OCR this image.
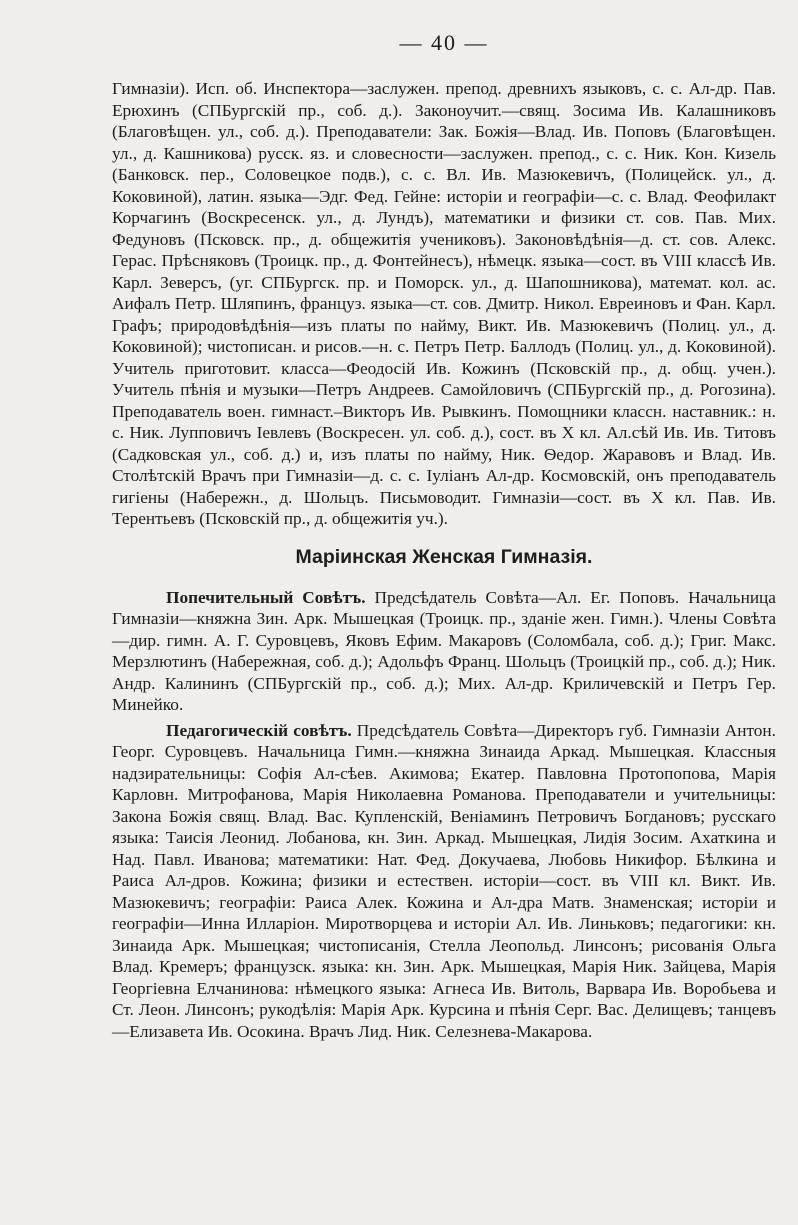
— 40 —

Гимназіи). Исп. об. Инспектора—заслужен. препод. древнихъ языковъ, с. с. Ал-др. Пав. Ерюхинъ (СПБургскій пр., соб. д.). Законоучит.—свящ. Зосима Ив. Калашниковъ (Благовѣщен. ул., соб. д.). Преподаватели: Зак. Божія—Влад. Ив. Поповъ (Благовѣщен. ул., д. Кашникова) русск. яз. и словесности—заслужен. препод., с. с. Ник. Кон. Кизель (Банковск. пер., Соловецкое подв.), с. с. Вл. Ив. Мазюкевичъ, (Полицейск. ул., д. Коковиной), латин. языка—Эдг. Фед. Гейне: исторіи и географіи—с. с. Влад. Феофилакт Корчагинъ (Воскресенск. ул., д. Лундъ), математики и физики ст. сов. Пав. Мих. Федуновъ (Псковск. пр., д. общежитія учениковъ). Законовѣдѣнія—д. ст. сов. Алекс. Герас. Прѣсняковъ (Троицк. пр., д. Фонтейнесъ), нѣмецк. языка—сост. въ VIII классѣ Ив. Карл. Зеверсъ, (уг. СПБургск. пр. и Поморск. ул., д. Шапошникова), математ. кол. ас. Аифалъ Петр. Шляпинъ, француз. языка—ст. сов. Дмитр. Никол. Евреиновъ и Фан. Карл. Графъ; природовѣдѣнія—изъ платы по найму, Викт. Ив. Мазюкевичъ (Полиц. ул., д. Коковиной); чистописан. и рисов.—н. с. Петръ Петр. Баллодъ (Полиц. ул., д. Коковиной). Учитель приготовит. класса—Феодосій Ив. Кожинъ (Псковскій пр., д. общ. учен.). Учитель пѣнія и музыки—Петръ Андреев. Самойловичъ (СПБургскій пр., д. Рогозина). Преподаватель воен. гимнаст.–Викторъ Ив. Рывкинъ. Помощники классн. наставник.: н. с. Ник. Лупповичъ Іевлевъ (Воскресен. ул. соб. д.), сост. въ X кл. Ал.сѣй Ив. Ив. Титовъ (Садковская ул., соб. д.) и, изъ платы по найму, Ник. Ѳедор. Жаравовъ и Влад. Ив. Столѣтскій Врачъ при Гимназіи—д. с. с. Іуліанъ Ал-др. Космовскій, онъ преподаватель гигіены (Набережн., д. Шольцъ. Письмоводит. Гимназіи—сост. въ X кл. Пав. Ив. Терентьевъ (Псковскій пр., д. общежитія уч.).

Маріинская Женская Гимназія.

Попечительный Совѣтъ. Предсѣдатель Совѣта—Ал. Ег. Поповъ. Начальница Гимназіи—княжна Зин. Арк. Мышецкая (Троицк. пр., зданіе жен. Гимн.). Члены Совѣта—дир. гимн. А. Г. Суровцевъ, Яковъ Ефим. Макаровъ (Соломбала, соб. д.); Григ. Макс. Мерзлютинъ (Набережная, соб. д.); Адольфъ Франц. Шольцъ (Троицкій пр., соб. д.); Ник. Андр. Калининъ (СПБургскій пр., соб. д.); Мих. Ал-др. Криличевскій и Петръ Гер. Минейко.

Педагогическій совѣтъ. Предсѣдатель Совѣта—Директоръ губ. Гимназіи Антон. Георг. Суровцевъ. Начальница Гимн.—княжна Зинаида Аркад. Мышецкая. Классныя надзирательницы: Софія Ал-сѣев. Акимова; Екатер. Павловна Протопопова, Марія Карловн. Митрофанова, Марія Николаевна Романова. Преподаватели и учительницы: Закона Божія свящ. Влад. Вас. Купленскій, Веніаминъ Петровичъ Богдановъ; русскаго языка: Таисія Леонид. Лобанова, кн. Зин. Аркад. Мышецкая, Лидія Зосим. Ахаткина и Над. Павл. Иванова; математики: Нат. Фед. Докучаева, Любовь Никифор. Бѣлкина и Раиса Ал-дров. Кожина; физики и естествен. исторіи—сост. въ VIII кл. Викт. Ив. Мазюкевичъ; географіи: Раиса Алек. Кожина и Ал-дра Матв. Знаменская; исторіи и географіи—Инна Илларіон. Миротворцева и исторіи Ал. Ив. Линьковъ; педагогики: кн. Зинаида Арк. Мышецкая; чистописанія, Стелла Леопольд. Линсонъ; рисованія Ольга Влад. Кремеръ; французск. языка: кн. Зин. Арк. Мышецкая, Марія Ник. Зайцева, Марія Георгіевна Елчанинова: нѣмецкого языка: Агнеса Ив. Витоль, Варвара Ив. Воробьева и Ст. Леон. Линсонъ; рукодѣлія: Марія Арк. Курсина и пѣнія Серг. Вас. Делищевъ; танцевъ—Елизавета Ив. Осокина. Врачъ Лид. Ник. Селезнева-Макарова.
